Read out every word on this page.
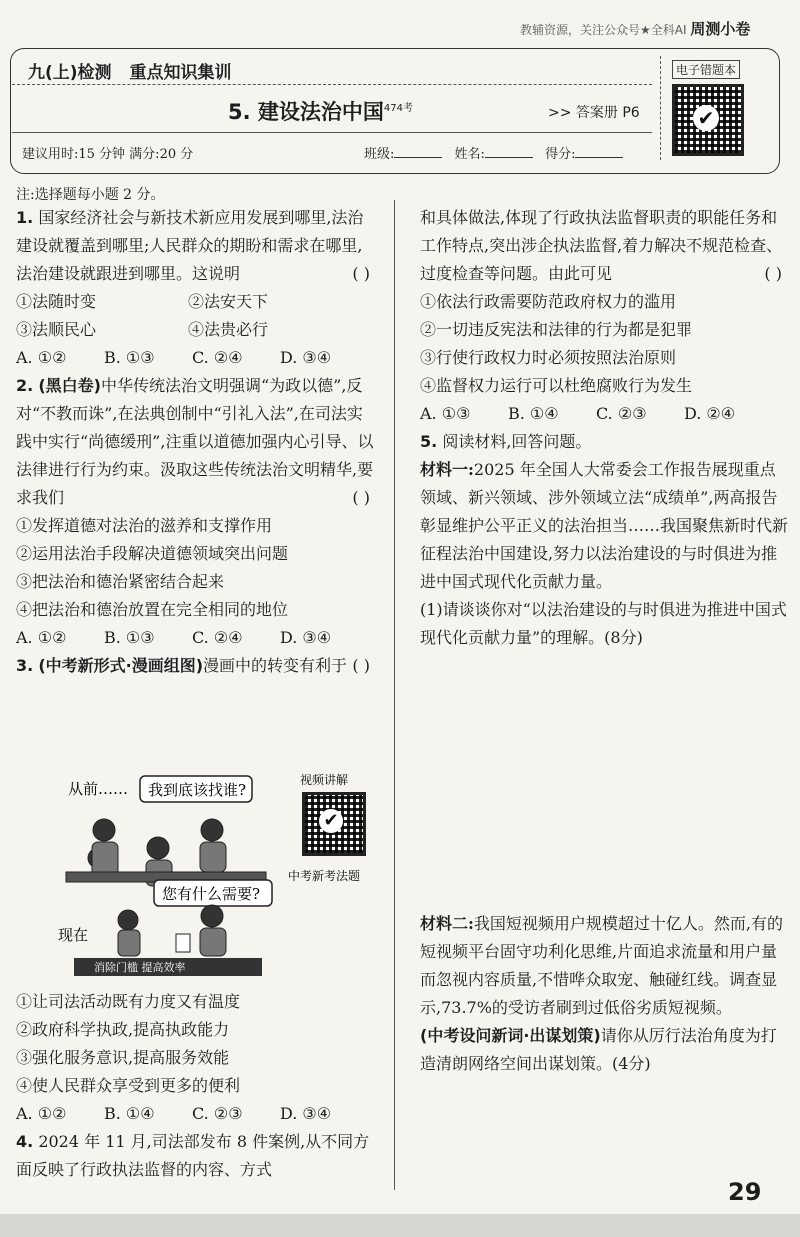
教辅资源，关注公众号★全科AI 周测小卷
九(上)检测 重点知识集训
5. 建设法治中国$^{474考}$	>> 答案册 P6
建议用时:15 分钟 满分:20 分	班级:	姓名:	得分:
电子错题本
✔
注:选择题每小题 2 分。

1. 国家经济社会与新技术新应用发展到哪里,法治建设就覆盖到哪里;人民群众的期盼和需求在哪里,法治建设就跟进到哪里。这说明	( )

①法随时变	②法安天下

③法顺民心	④法贵必行

A. ①② B. ①③ C. ②④ D. ③④

2. (黑白卷)中华传统法治文明强调“为政以德”,反对“不教而诛”,在法典创制中“引礼入法”,在司法实践中实行“尚德缓刑”,注重以道德加强内心引导、以法律进行行为约束。汲取这些传统法治文明精华,要求我们	( )

①发挥道德对法治的滋养和支撑作用

②运用法治手段解决道德领域突出问题

③把法治和德治紧密结合起来

④把法治和德治放置在完全相同的地位

A. ①② B. ①③ C. ②④ D. ③④

3. (中考新形式·漫画组图)漫画中的转变有利于 ( )

从前…… 我到底该找谁?
您有什么需要?
现在
消除门槛 提高效率
视频讲解
中考新考法题
✔

①让司法活动既有力度又有温度

②政府科学执政,提高执政能力

③强化服务意识,提高服务效能

④使人民群众享受到更多的便利

A. ①② B. ①④ C. ②③ D. ③④

4. 2024 年 11 月,司法部发布 8 件案例,从不同方面反映了行政执法监督的内容、方式

和具体做法,体现了行政执法监督职责的职能任务和工作特点,突出涉企执法监督,着力解决不规范检查、过度检查等问题。由此可见	( )

①依法行政需要防范政府权力的滥用

②一切违反宪法和法律的行为都是犯罪

③行使行政权力时必须按照法治原则

④监督权力运行可以杜绝腐败行为发生

A. ①③ B. ①④ C. ②③ D. ②④

5. 阅读材料,回答问题。

材料一:2025 年全国人大常委会工作报告展现重点领域、新兴领域、涉外领域立法“成绩单”,两高报告彰显维护公平正义的法治担当……我国聚焦新时代新征程法治中国建设,努力以法治建设的与时俱进为推进中国式现代化贡献力量。

(1)请谈谈你对“以法治建设的与时俱进为推进中国式现代化贡献力量”的理解。(8分)

材料二:我国短视频用户规模超过十亿人。然而,有的短视频平台固守功利化思维,片面追求流量和用户量而忽视内容质量,不惜哗众取宠、触碰红线。调查显示,73.7%的受访者刷到过低俗劣质短视频。

(中考设问新词·出谋划策)请你从厉行法治角度为打造清朗网络空间出谋划策。(4分)

29
